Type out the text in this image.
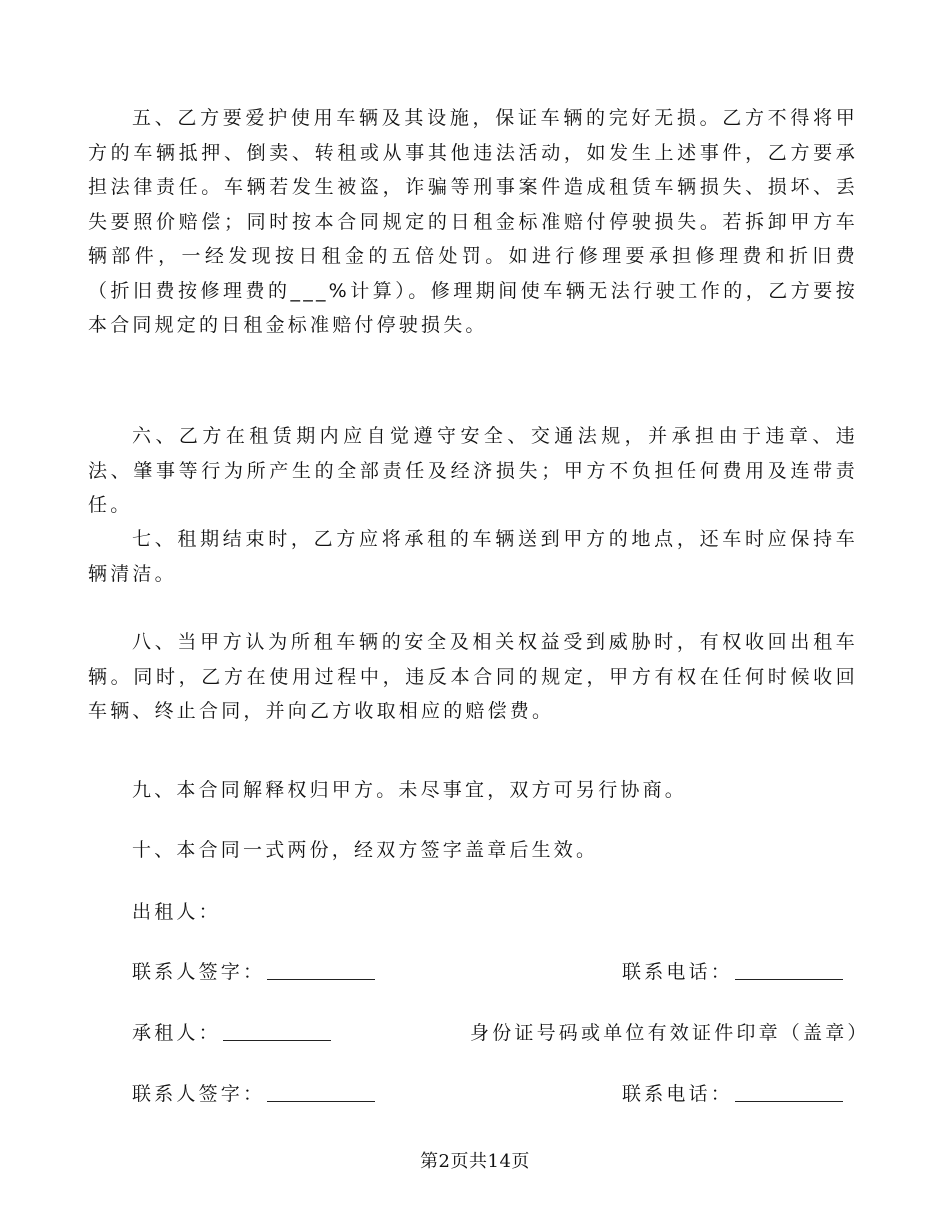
五、乙方要爱护使用车辆及其设施，保证车辆的完好无损。乙方不得将甲方的车辆抵押、倒卖、转租或从事其他违法活动，如发生上述事件，乙方要承担法律责任。车辆若发生被盗，诈骗等刑事案件造成租赁车辆损失、损坏、丢失要照价赔偿；同时按本合同规定的日租金标准赔付停驶损失。若拆卸甲方车辆部件，一经发现按日租金的五倍处罚。如进行修理要承担修理费和折旧费（折旧费按修理费的___%计算）。修理期间使车辆无法行驶工作的，乙方要按本合同规定的日租金标准赔付停驶损失。

六、乙方在租赁期内应自觉遵守安全、交通法规，并承担由于违章、违法、肇事等行为所产生的全部责任及经济损失；甲方不负担任何费用及连带责任。

七、租期结束时，乙方应将承租的车辆送到甲方的地点，还车时应保持车辆清洁。

八、当甲方认为所租车辆的安全及相关权益受到威胁时，有权收回出租车辆。同时，乙方在使用过程中，违反本合同的规定，甲方有权在任何时候收回车辆、终止合同，并向乙方收取相应的赔偿费。

九、本合同解释权归甲方。未尽事宜，双方可另行协商。

十、本合同一式两份，经双方签字盖章后生效。

出租人：
联系人签字：	联系电话：
承租人：	身份证号码或单位有效证件印章（盖章）
联系人签字：	联系电话：
第2页共14页
